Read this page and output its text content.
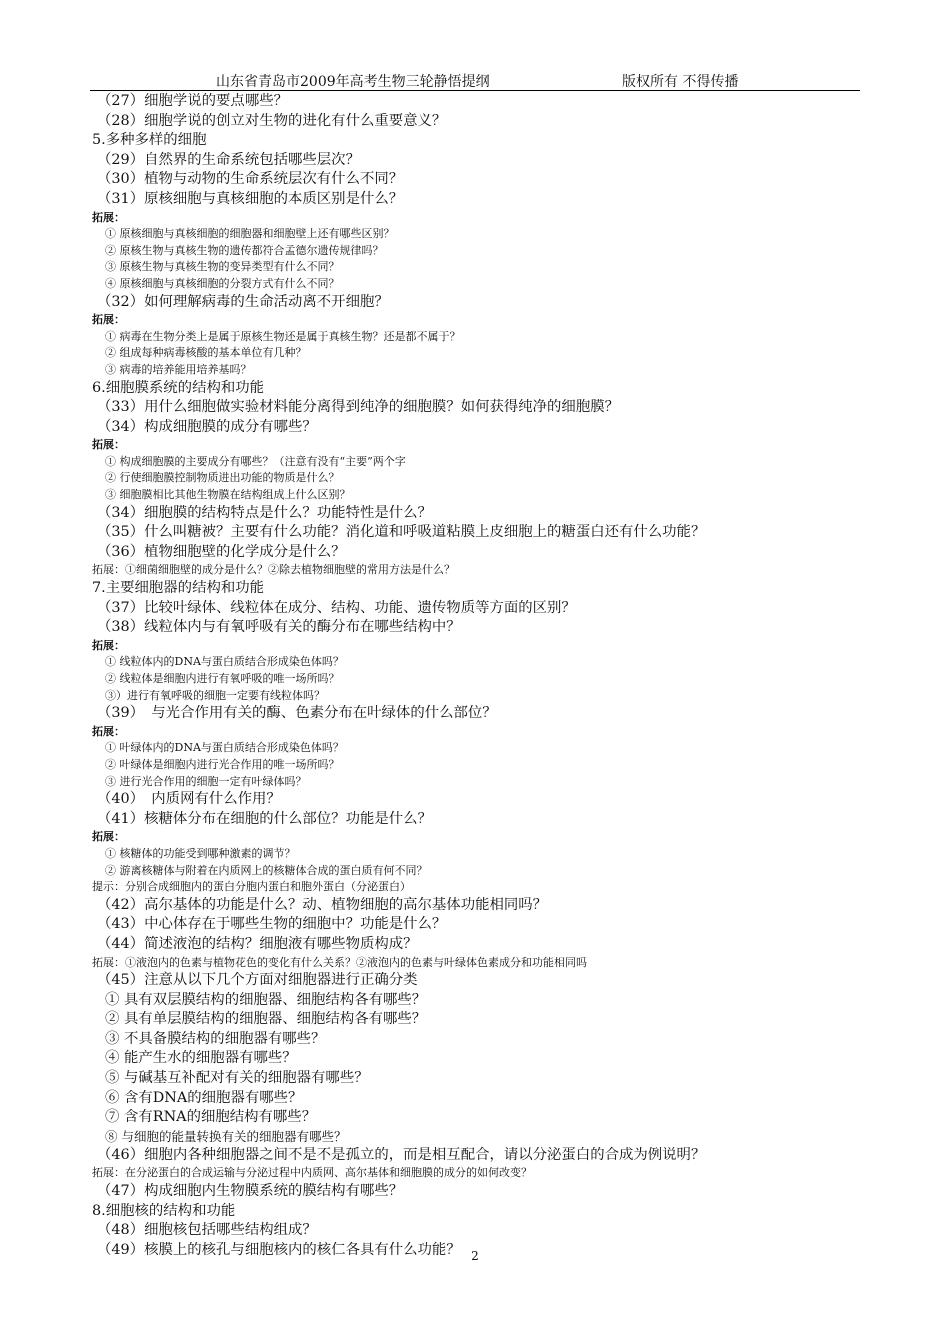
山东省青岛市2009年高考生物三轮静悟提纲	版权所有 不得传播
（27）细胞学说的要点哪些？
（28）细胞学说的创立对生物的进化有什么重要意义？
5.多种多样的细胞
（29）自然界的生命系统包括哪些层次？
（30）植物与动物的生命系统层次有什么不同？
（31）原核细胞与真核细胞的本质区别是什么？
拓展：
① 原核细胞与真核细胞的细胞器和细胞壁上还有哪些区别？
② 原核生物与真核生物的遗传都符合孟德尔遗传规律吗？
③ 原核生物与真核生物的变异类型有什么不同？
④ 原核细胞与真核细胞的分裂方式有什么不同？
（32）如何理解病毒的生命活动离不开细胞？
拓展：
① 病毒在生物分类上是属于原核生物还是属于真核生物？还是都不属于？
② 组成每种病毒核酸的基本单位有几种？
③ 病毒的培养能用培养基吗？
6.细胞膜系统的结构和功能
（33）用什么细胞做实验材料能分离得到纯净的细胞膜？如何获得纯净的细胞膜？
（34）构成细胞膜的成分有哪些？
拓展：
① 构成细胞膜的主要成分有哪些？（注意有没有“主要”两个字
② 行使细胞膜控制物质进出功能的物质是什么？
③ 细胞膜相比其他生物膜在结构组成上什么区别？
（34）细胞膜的结构特点是什么？功能特性是什么？
（35）什么叫糖被？主要有什么功能？消化道和呼吸道粘膜上皮细胞上的糖蛋白还有什么功能？
（36）植物细胞壁的化学成分是什么？
拓展：①细菌细胞壁的成分是什么？②除去植物细胞壁的常用方法是什么？
7.主要细胞器的结构和功能
（37）比较叶绿体、线粒体在成分、结构、功能、遗传物质等方面的区别？
（38）线粒体内与有氧呼吸有关的酶分布在哪些结构中？
拓展：
① 线粒体内的DNA与蛋白质结合形成染色体吗？
② 线粒体是细胞内进行有氧呼吸的唯一场所吗？
③）进行有氧呼吸的细胞一定要有线粒体吗？
（39）　与光合作用有关的酶、色素分布在叶绿体的什么部位？
拓展：
① 叶绿体内的DNA与蛋白质结合形成染色体吗？
② 叶绿体是细胞内进行光合作用的唯一场所吗？
③ 进行光合作用的细胞一定有叶绿体吗？
（40）　内质网有什么作用？
（41）核糖体分布在细胞的什么部位？功能是什么？
拓展：
① 核糖体的功能受到哪种激素的调节？
② 游离核糖体与附着在内质网上的核糖体合成的蛋白质有何不同？
提示：分别合成细胞内的蛋白分胞内蛋白和胞外蛋白（分泌蛋白）
（42）高尔基体的功能是什么？动、植物细胞的高尔基体功能相同吗？
（43）中心体存在于哪些生物的细胞中？功能是什么？
（44）简述液泡的结构？细胞液有哪些物质构成？
拓展：①液泡内的色素与植物花色的变化有什么关系？②液泡内的色素与叶绿体色素成分和功能相同吗
（45）注意从以下几个方面对细胞器进行正确分类
① 具有双层膜结构的细胞器、细胞结构各有哪些？
② 具有单层膜结构的细胞器、细胞结构各有哪些？
③ 不具备膜结构的细胞器有哪些？
④ 能产生水的细胞器有哪些？
⑤ 与碱基互补配对有关的细胞器有哪些？
⑥ 含有DNA的细胞器有哪些？
⑦ 含有RNA的细胞结构有哪些？
⑧ 与细胞的能量转换有关的细胞器有哪些？
（46）细胞内各种细胞器之间不是不是孤立的，而是相互配合，请以分泌蛋白的合成为例说明？
拓展：在分泌蛋白的合成运输与分泌过程中内质网、高尔基体和细胞膜的成分的如何改变？
（47）构成细胞内生物膜系统的膜结构有哪些？
8.细胞核的结构和功能
（48）细胞核包括哪些结构组成？
（49）核膜上的核孔与细胞核内的核仁各具有什么功能？ 2
